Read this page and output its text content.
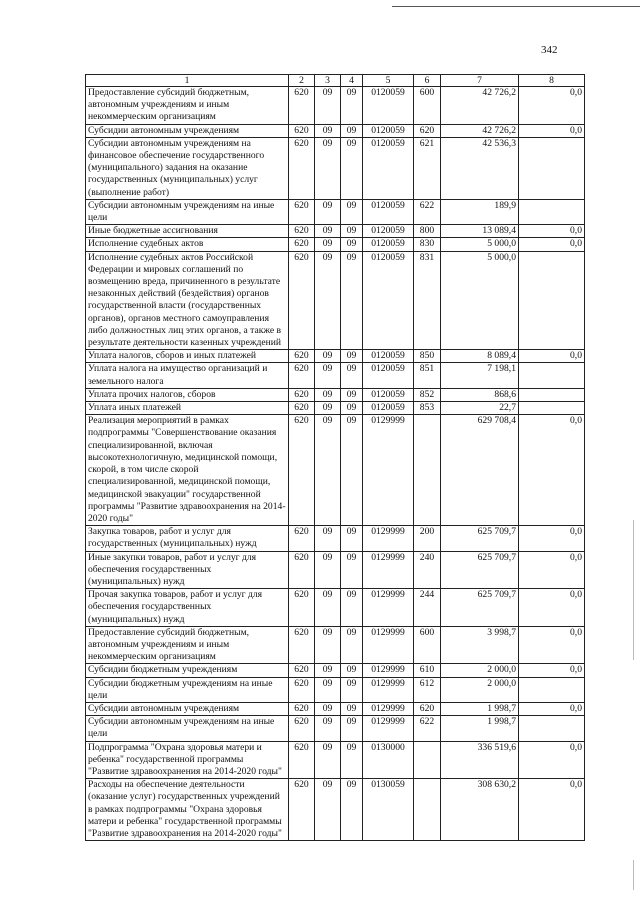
342
1	2	3	4	5	6	7	8
Предоставление субсидий бюджетным, автономным учреждениям и иным некоммерческим организациям	620	09	09	0120059	600	42 726,2	0,0
Субсидии автономным учреждениям	620	09	09	0120059	620	42 726,2	0,0
Субсидии автономным учреждениям на финансовое обеспечение государственного (муниципального) задания на оказание государственных (муниципальных) услуг (выполнение работ)	620	09	09	0120059	621	42 536,3	
Субсидии автономным учреждениям на иные цели	620	09	09	0120059	622	189,9	
Иные бюджетные ассигнования	620	09	09	0120059	800	13 089,4	0,0
Исполнение судебных актов	620	09	09	0120059	830	5 000,0	0,0
Исполнение судебных актов Российской Федерации и мировых соглашений по возмещению вреда, причиненного в результате незаконных действий (бездействия) органов государственной власти (государственных органов), органов местного самоуправления либо должностных лиц этих органов, а также в результате деятельности казенных учреждений	620	09	09	0120059	831	5 000,0	
Уплата налогов, сборов и иных платежей	620	09	09	0120059	850	8 089,4	0,0
Уплата налога на имущество организаций и земельного налога	620	09	09	0120059	851	7 198,1	
Уплата прочих налогов, сборов	620	09	09	0120059	852	868,6	
Уплата иных платежей	620	09	09	0120059	853	22,7	
Реализация мероприятий в рамках подпрограммы "Совершенствование оказания специализированной, включая высокотехнологичную, медицинской помощи, скорой, в том числе скорой специализированной, медицинской помощи, медицинской эвакуации" государственной программы "Развитие здравоохранения на 2014-2020 годы"	620	09	09	0129999		629 708,4	0,0
Закупка товаров, работ и услуг для государственных (муниципальных) нужд	620	09	09	0129999	200	625 709,7	0,0
Иные закупки товаров, работ и услуг для обеспечения государственных (муниципальных) нужд	620	09	09	0129999	240	625 709,7	0,0
Прочая закупка товаров, работ и услуг для обеспечения государственных (муниципальных) нужд	620	09	09	0129999	244	625 709,7	0,0
Предоставление субсидий бюджетным, автономным учреждениям и иным некоммерческим организациям	620	09	09	0129999	600	3 998,7	0,0
Субсидии бюджетным учреждениям	620	09	09	0129999	610	2 000,0	0,0
Субсидии бюджетным учреждениям на иные цели	620	09	09	0129999	612	2 000,0	
Субсидии автономным учреждениям	620	09	09	0129999	620	1 998,7	0,0
Субсидии автономным учреждениям на иные цели	620	09	09	0129999	622	1 998,7	
Подпрограмма "Охрана здоровья матери и ребенка" государственной программы "Развитие здравоохранения на 2014-2020 годы"	620	09	09	0130000		336 519,6	0,0
Расходы на обеспечение деятельности (оказание услуг) государственных учреждений в рамках подпрограммы "Охрана здоровья матери и ребенка" государственной программы "Развитие здравоохранения на 2014-2020 годы"	620	09	09	0130059		308 630,2	0,0
